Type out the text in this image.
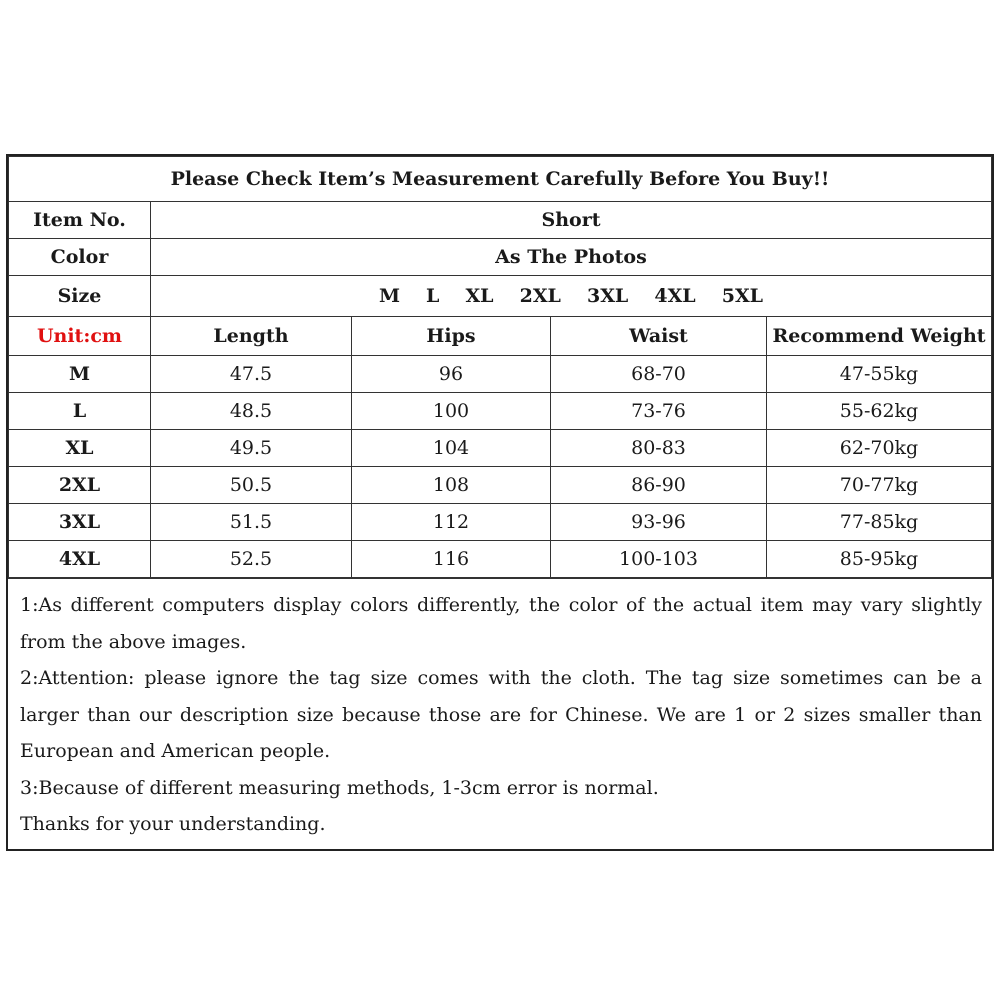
Please Check Item’s Measurement Carefully Before You Buy!!				
Item No.	Short			
Color	As The Photos			
Size	M L XL 2XL 3XL 4XL 5XL			
Unit:cm	Length	Hips	Waist	Recommend Weight
M	47.5	96	68-70	47-55kg
L	48.5	100	73-76	55-62kg
XL	49.5	104	80-83	62-70kg
2XL	50.5	108	86-90	70-77kg
3XL	51.5	112	93-96	77-85kg
4XL	52.5	116	100-103	85-95kg

1:As different computers display colors differently, the color of the actual item may vary slightly from the above images.

2:Attention: please ignore the tag size comes with the cloth. The tag size sometimes can be a larger than our description size because those are for Chinese. We are 1 or 2 sizes smaller than European and American people.

3:Because of different measuring methods, 1-3cm error is normal.

Thanks for your understanding.
